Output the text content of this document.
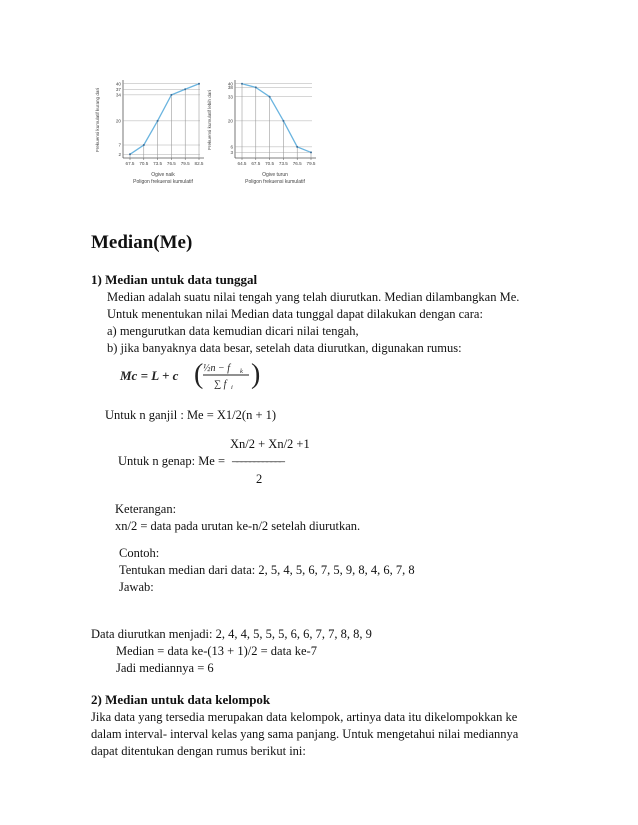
67.5 70.5 73.5 76.5 79.5 82.5
40
37
34
20
7
2
Frekuensi kumulatif kurang dari
Ogive naik
Poligon frekuensi kumulatif
64.5 67.5 70.5 73.5 76.5 79.5
40
38
33
20
6
3
Frekuensi kumulatif lebih dari
Ogive turun
Poligon frekuensi kumulatif
Median(Me)
1) Median untuk data tunggal
Median adalah suatu nilai tengah yang telah diurutkan. Median dilambangkan Me.
Untuk menentukan nilai Median data tunggal dapat dilakukan dengan cara:
a) mengurutkan data kemudian dicari nilai tengah,
b) jika banyaknya data besar, setelah data diurutkan, digunakan rumus:
Mc = L + c ( ½n − f k
∑ f i )
Untuk n ganjil : Me = X1/2(n + 1)
Xn/2 + Xn/2 +1
Untuk n genap: Me = ––––––––––––
2
Keterangan:
xn/2 = data pada urutan ke-n/2 setelah diurutkan.
Contoh:
Tentukan median dari data: 2, 5, 4, 5, 6, 7, 5, 9, 8, 4, 6, 7, 8
Jawab:
Data diurutkan menjadi: 2, 4, 4, 5, 5, 5, 6, 6, 7, 7, 8, 8, 9
Median = data ke-(13 + 1)/2 = data ke-7
Jadi mediannya = 6
2) Median untuk data kelompok
Jika data yang tersedia merupakan data kelompok, artinya data itu dikelompokkan ke
dalam interval- interval kelas yang sama panjang. Untuk mengetahui nilai mediannya
dapat ditentukan dengan rumus berikut ini:
